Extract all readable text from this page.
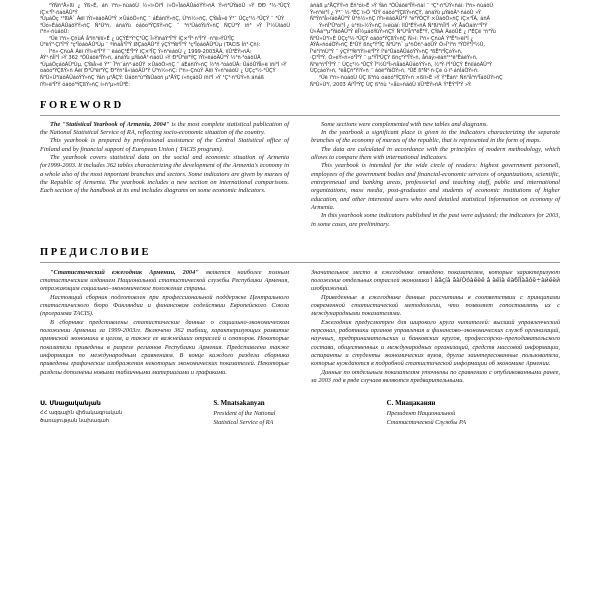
²ÝÑñ³Å»ßï ¿ Ýß»É, áñ ï³ñ»·ñùáõÙ ½»ï»Õí³Í ï»Õ»ÏáõÃÛáõÝÝ»ñÁ Ý»ñ³ÛÝáõÙ »Ý ÐÐ ³½·³ÛÇÝ íÇ×³Ï³·ñáõÃÛ³Ý

³ÙµáÕç ¹³ßïÁ` Áëï ïÝï»ëáõÃÛ³Ý ×ÛáõÕ»ñÇ ¨ áÉáñïÝ»ñÇ, Ù³ñ½»ñÇ, ÇÝãå»ë Ý³¨ ÙÇç³½·³ÛÇÝ ¨ ³ÛÝ

³Ûó»ÉáõÃÛáõÝÝ»ñÇ Ñ³Ù³ñ, áñáÝù óáõó³ÝÇßÝ»ñÇ ¨ ³ñ¹ÛáõÝùÝ»ñÇ ÑÇÙ³Ý íñ³ »Ý Ï³½ÙíáõÙ ï³ñ»·ñùáõÙ:

²Ûë ï³ñ»·ÇñùÁ å³ïñ³ëïí»É ¿ üÇÝÉ³Ý¹Ç³ÛÇ Î»ÝïñáÝ³Ï³Ý íÇ×³Ï³·ñ³Ï³Ý ·ñ³ë»ÝÛ³ÏÇ

Ù³ëÝ³·Çï³Ï³Ý ³ç³ÏóáõÃÛ³Ùµ ¨ ºíñáå³Ï³Ý ØÇáõÃÛ³Ý ýÇÝ³Ýë³Ï³Ý ³ç³ÏóáõÃÛ³Ùµ (TACIS Íñ³·Çñ):

î³ñ»·ÇñùÁ Áëï ïÝï»ë³Ï³Ý ¨ ëáóÇ³É³Ï³Ý íÇ×³ÏÇ Ý»ñ³éáõÙ ¿ 1999-2003ÃÃ. ïíÛ³ÉÝ»ñÁ:

ÀÝ¹·ñÏí³Í »Ý 362 ³ÕÛáõë³ÏÝ»ñ, áñáÝù µÝáõÃ³·ñáõÙ »Ý Ð³Û³ëï³ÝÇ ïÝï»ëáõÃÛ³Ý ½³ñ·³óáõÙÁ

³ÙµáÕçáõÃÛ³Ùµ, ÇÝãå»ë Ý³¨ Ï³ñ¨áñ³·áõÛÝ ×ÛáõÕ»ñÇ ¨ áÉáñïÝ»ñÇ ½³ñ·³óáõÙÁ: ÜáõÛÝå»ë ïñí³Í »Ý

óáõó³ÝÇßÝ»ñ Áëï Ð³Û³ëï³ÝÇ Ð³Ýñ³å»ïáõÃÛ³Ý Ù³ñ½»ñÇ: î³ñ»·ÇñùÝ Áëï Ý»ñ³éáõÙ ¿ ÙÇç³½·³ÛÇÝ

Ñ³Ù»Ù³ïáõÃÛáõÝÝ»ñÇ Ýáñ µ³ÅÇÝ: Úáõñ³ù³ÝãÛáõñ µ³ÅÝÇ í»ñçáõÙ ïñí³Í »Ý ¹Ç³·ñ³ÙÝ»ñ áñáß

ïÝï»ë³Ï³Ý óáõó³ÝÇßÝ»ñÇ í»ñ³µ»ñÛ³É:

àñáß µ³ÅÇÝÝ»ñ Éñ³óí»É »Ý Ýáñ ³ÕÛáõë³ÏÝ»ñáí ¨ ¹Ç³·ñ³ÙÝ»ñáí: î³ñ»·ñùáõÙ

Ý»ñ³éí³Í ¿ Ý³¨ ½·³ÉÇ ï»Õ ³ÛÝ óáõó³ÝÇßÝ»ñÇÝ, áñáÝù µÝáõÃ³·ñáõÙ »Ý

Ñ³Ýñ³å»ïáõÃÛ³Ý Ù³ñ½»ñÇ ïÝï»ëáõÃÛ³Ý ³é³ÝÓÇÝ ×ÛáõÕ»ñÇ íÇ×³ÏÁ, áñÁ

Ý»ñÏ³Û³óí³Í ¿ ù³ñï»½Ý»ñÇ ï»ëùáí: îíÛ³ÉÝ»ñÁ Ñ³ßí³ñÏí³Í »Ý ÅáÕáíñ¹³Ï³Ý

Ù»Ãá¹³µ³ÝáõÃÛ³Ý ëÏ½µáõÝùÝ»ñÇÝ Ñ³Ù³å³ï³ëË³Ý, ÇÝãÁ ÃáõÛÉ ¿ ï³ÉÇë ¹ñ³Ýù

Ñ³Ù»Ù³ï»É ÙÇç³½·³ÛÇÝ óáõó³ÝÇßÝ»ñÇ Ñ»ï: î³ñ»·ÇñùÁ Ý³Ë³ï»ëí³Í ¿

ÁÝÃ»ñóáÕÝ»ñÇ É³ÛÝ ßñç³Ý³ÏÇ Ñ³Ù³ñ` µ³ñÓñ³·áõÛÝ Õ»Ï³í³ñ ³ÝÓÝ³Ï³½Ù,

Ï³é³í³ñÙ³Ý ¨ ýÇÝ³Ýë³ïÝï»ë³Ï³Ý Í³é³ÛáõÃÛáõÝÝ»ñÇ ³ßË³ï³ÏÇóÝ»ñ,

·Çï³Ï³Ý, Ó»éÝ»ñ»ó³Ï³Ý ¨ µ³ÝÏ³ÛÇÝ ßñç³Ý³ÏÝ»ñ, åñáý»ëáñ³¹³ë³ËáëÝ»ñ,

Ñ³ë³ñ³Ï³Ï³Ý ¨ ÙÇç³½·³ÛÇÝ Ï³½Ù³Ï»ñåáõÃÛáõÝÝ»ñ, ½³Ý·í³Í³ÛÇÝ ÉñïíáõÃÛ³Ý

ÙÇçáóÝ»ñ, ³ëåÇñ³ÝïÝ»ñ ¨ áõë³ÝáÕÝ»ñ, ³ÛÉ ß³Ñ³·ñ·Çé û·ï³·áñÍáÕÝ»ñ:

²Ûë ï³ñ»·ñùáõÙ ÙÇ ß³ñù óáõó³ÝÇßÝ»ñ ×ßïí»É »Ý Ý³Ëáñ¹ Ññ³å³ñ³ÏáõÙÝ»ñÇ

Ñ³Ù»Ù³ï, 2003 Ãí³Ï³ÝÇ ÙÇ ß³ñù ¹»åù»ñáõÙ ïíÛ³ÉÝ»ñÁ Ý³ËÝ³Ï³Ý »Ý:

FOREWORD

The "Statistical Yearbook of Armenia, 2004" is the most complete statistical publication of the National Statistical Service of RA, reflecting socio-economic situation of the country.

This yearbook is prepared by professional assistance of the Central Statistical office of Finland and by financial support of European Union ( TACIS program).

The yearbook covers statistical data on the social and economic situation of Armenia for1999-2003. It includes 362 tables characterizing the development of the Armenia's economy in a whole also of the most important branches and sectors. Some indicators are given by marzes of the Republic of Armenia. The yearbook includes a new section on international comparisons. Each section of the handbook at its end includes diagrams on some economic indicators.

Some sections were complemented with new tables and diagrams.

In the yearbook a significant place is given to the indicators characterizing the separate branches of the economy of marzes of the republic, that is represented in the form of maps.

The data are calculated in accordance with the principles of modern methodology, which allows to compare them with international indicators.

This yearbook is intended for the wide circle of readers: highest government personell, employees of the government bodies and financial-economic services of organizations, scientific, entrepreneual and banking areas, professorial and teaching staff, public and international organizations, mass media, post-graduates and students of economic institutions of higher education, and other interested users who need detailed statistical information on economy of Armenia.

In this yearbook some indicators published in the past were adjusted; the indicators for 2003, in some cases, are preliminary.

ПРЕДИСЛОВИЕ

"Статистический ежегодник Армении, 2004" является наиболее полным статистическим изданием Национальной статистической службы Республики Армения, отражающим социально–экономическое положение страны.

Настоящий сборник подготовлен при профессиональной поддержке Центрального статистического бюро Финляндии и финансовом содействии Европейского Союза (программа TACIS).

В сборнике представлены статистические данные о социально-экономическом положении Армении за 1999-2003гг. Включено 362 таблиц, характеризующих развитие армянской экономики в целом, а также ее важнейших отраслей и секторов. Некоторые показатели приведены в разрезе регионов Республики Армения. Представлена также информация по международным сравнениям. В конце каждого раздела сборника приведены графические изображения некоторых экономических показателей. Некоторые разделы дополнены новыми табличными материалами и графиками.

Значительное место в ежегоднике отведено показателям, которые характеризуют положение отдельных отраслей экономики ì àâçíà âàíÒóàёèё â àёìà ёàбîÏàâôё÷àйёёй изображений.

Приведенные в ежегоднике данные рассчитаны в соответствии с принципами современной статистической методологии, что позволяет сопоставлять их с международными показателями.

Ежегодник предусмотрен для широкого круга читателей: высший управленческий персонал, работники органов управления и финансово–экономических служб организаций, научных, предпринимательских и банковских кругов, профессорско–преподавательского состава, общественных и международных организаций, средств массовой информации, аспиранты и студенты экономических вузов, другие заинтересованные пользователи, которые нуждаются в подробной статистической информации об экономике Армении.

Данные по отдельным показателям уточнены по сравнению с опубликованными ранее, за 2003 год в ряде случаев являются предварительными.

Ս. Մնացականյան

ՀՀ ազգային վիճակագրական
ծառայության նախագահ

S. Mnatsakanyan

President of the National
Statistical Service of RA

С. Мнацаканян

Президент Национальной
Статистической Службы РА
